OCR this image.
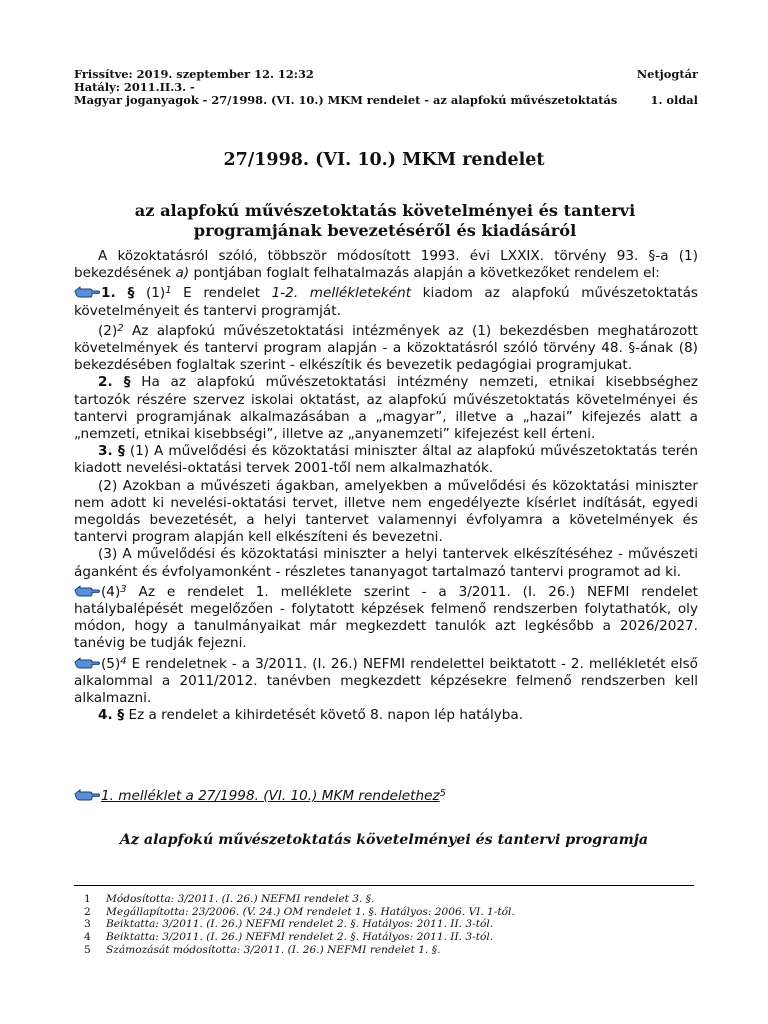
Frissítve: 2019. szeptember 12. 12:32	Netjogtár
Hatály: 2011.II.3. -
Magyar joganyagok - 27/1998. (VI. 10.) MKM rendelet - az alapfokú művészetoktatás	1. oldal
27/1998. (VI. 10.) MKM rendelet
az alapfokú művészetoktatás követelményei és tantervi programjának bevezetéséről és kiadásáról

A közoktatásról szóló, többször módosított 1993. évi LXXIX. törvény 93. §-a (1) bekezdésének a) pontjában foglalt felhatalmazás alapján a következőket rendelem el:

1. § $(1)^1$ E rendelet 1-2. mellékleteként kiadom az alapfokú művészetoktatás követelményeit és tantervi programját.

$(2)^2$ Az alapfokú művészetoktatási intézmények az (1) bekezdésben meghatározott követelmények és tantervi program alapján - a közoktatásról szóló törvény 48. §-ának (8) bekezdésében foglaltak szerint - elkészítik és bevezetik pedagógiai programjukat.

2. § Ha az alapfokú művészetoktatási intézmény nemzeti, etnikai kisebbséghez tartozók részére szervez iskolai oktatást, az alapfokú művészetoktatás követelményei és tantervi programjának alkalmazásában a „magyar”, illetve a „hazai” kifejezés alatt a „nemzeti, etnikai kisebbségi”, illetve az „anyanemzeti” kifejezést kell érteni.

3. § (1) A művelődési és közoktatási miniszter által az alapfokú művészetoktatás terén kiadott nevelési-oktatási tervek 2001-től nem alkalmazhatók.

(2) Azokban a művészeti ágakban, amelyekben a művelődési és közoktatási miniszter nem adott ki nevelési-oktatási tervet, illetve nem engedélyezte kísérlet indítását, egyedi megoldás bevezetését, a helyi tantervet valamennyi évfolyamra a követelmények és tantervi program alapján kell elkészíteni és bevezetni.

(3) A művelődési és közoktatási miniszter a helyi tantervek elkészítéséhez - művészeti áganként és évfolyamonként - részletes tananyagot tartalmazó tantervi programot ad ki.

$(4)^3$ Az e rendelet 1. melléklete szerint - a 3/2011. (I. 26.) NEFMI rendelet hatálybalépését megelőzően - folytatott képzések felmenő rendszerben folytathatók, oly módon, hogy a tanulmányaikat már megkezdett tanulók azt legkésőbb a 2026/2027. tanévig be tudják fejezni.

$(5)^4$ E rendeletnek - a 3/2011. (I. 26.) NEFMI rendelettel beiktatott - 2. mellékletét első alkalommal a 2011/2012. tanévben megkezdett képzésekre felmenő rendszerben kell alkalmazni.

4. § Ez a rendelet a kihirdetését követő 8. napon lép hatályba.

1. melléklet a 27/1998. (VI. 10.) MKM rendelethez$^5$
Az alapfokú művészetoktatás követelményei és tantervi programja
1 Módosította: 3/2011. (I. 26.) NEFMI rendelet 3. §.
2 Megállapította: 23/2006. (V. 24.) OM rendelet 1. §. Hatályos: 2006. VI. 1-től.
3 Beiktatta: 3/2011. (I. 26.) NEFMI rendelet 2. §. Hatályos: 2011. II. 3-tól.
4 Beiktatta: 3/2011. (I. 26.) NEFMI rendelet 2. §. Hatályos: 2011. II. 3-tól.
5 Számozását módosította: 3/2011. (I. 26.) NEFMI rendelet 1. §.
